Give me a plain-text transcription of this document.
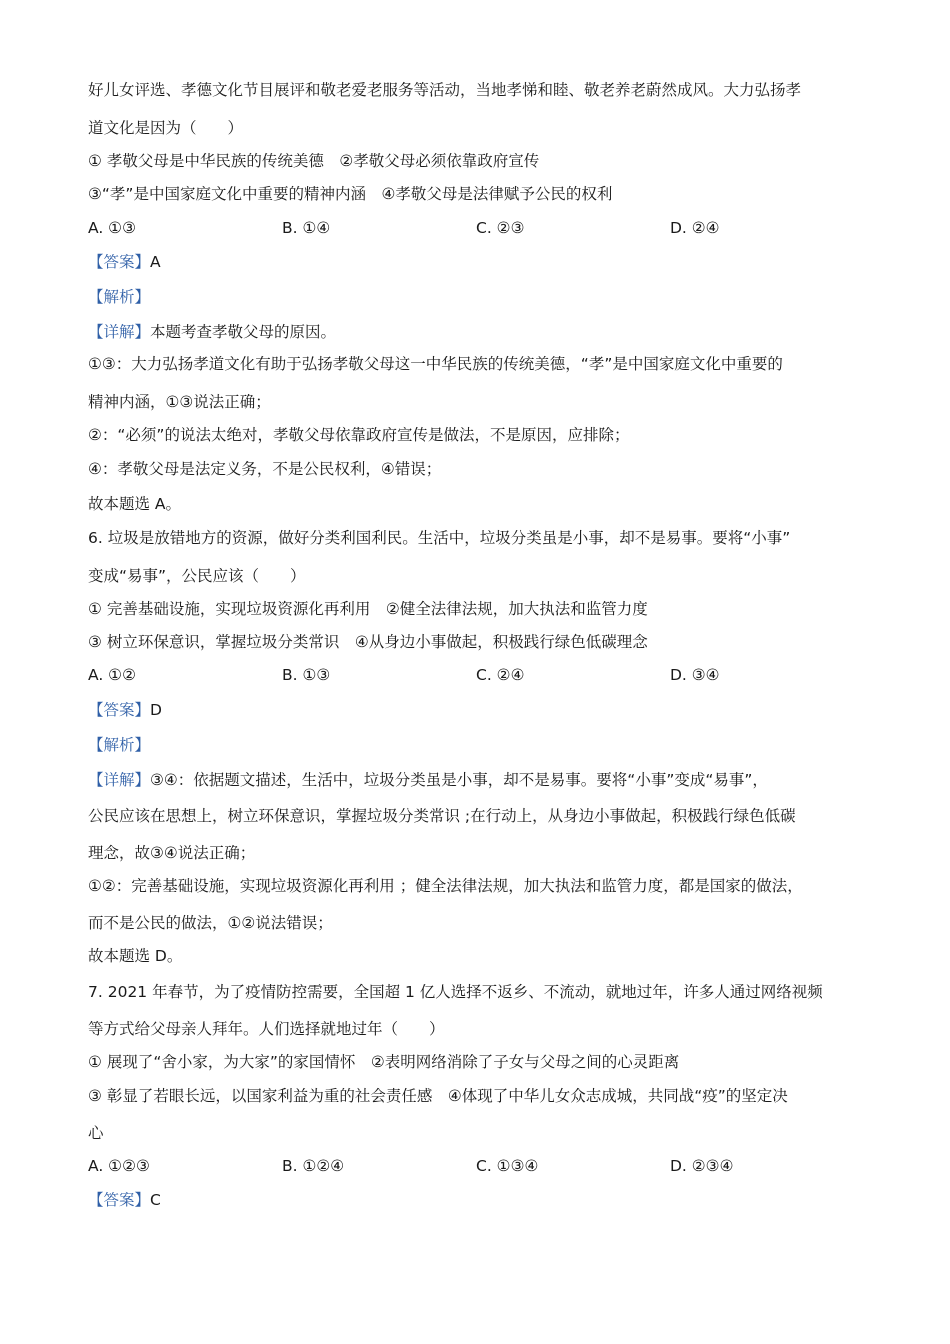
好儿女评选、孝德文化节目展评和敬老爱老服务等活动，当地孝悌和睦、敬老养老蔚然成风。大力弘扬孝
道文化是因为（　　）
① 孝敬父母是中华民族的传统美德　②孝敬父母必须依靠政府宣传
③“孝”是中国家庭文化中重要的精神内涵　④孝敬父母是法律赋予公民的权利
A. ①③	B. ①④	C. ②③	D. ②④
【答案】A
【解析】
【详解】本题考查孝敬父母的原因。
①③：大力弘扬孝道文化有助于弘扬孝敬父母这一中华民族的传统美德，“孝”是中国家庭文化中重要的
精神内涵，①③说法正确；
②：“必须”的说法太绝对，孝敬父母依靠政府宣传是做法，不是原因，应排除；
④：孝敬父母是法定义务，不是公民权利，④错误；
故本题选 A。
6. 垃圾是放错地方的资源，做好分类利国利民。生活中，垃圾分类虽是小事，却不是易事。要将“小事”
变成“易事”，公民应该（　　）
① 完善基础设施，实现垃圾资源化再利用　②健全法律法规，加大执法和监管力度
③ 树立环保意识，掌握垃圾分类常识　④从身边小事做起，积极践行绿色低碳理念
A. ①②	B. ①③	C. ②④	D. ③④
【答案】D
【解析】
【详解】③④：依据题文描述，生活中，垃圾分类虽是小事，却不是易事。要将“小事”变成“易事”，
公民应该在思想上，树立环保意识，掌握垃圾分类常识 ;在行动上，从身边小事做起，积极践行绿色低碳
理念，故③④说法正确；
①②：完善基础设施，实现垃圾资源化再利用 ；健全法律法规，加大执法和监管力度，都是国家的做法，
而不是公民的做法，①②说法错误；
故本题选 D。
7. 2021 年春节，为了疫情防控需要，全国超 1 亿人选择不返乡、不流动，就地过年，许多人通过网络视频
等方式给父母亲人拜年。人们选择就地过年（　　）
① 展现了“舍小家，为大家”的家国情怀　②表明网络消除了子女与父母之间的心灵距离
③ 彰显了若眼长远，以国家利益为重的社会责任感　④体现了中华儿女众志成城，共同战“疫”的坚定决
心
A. ①②③	B. ①②④	C. ①③④	D. ②③④
【答案】C
